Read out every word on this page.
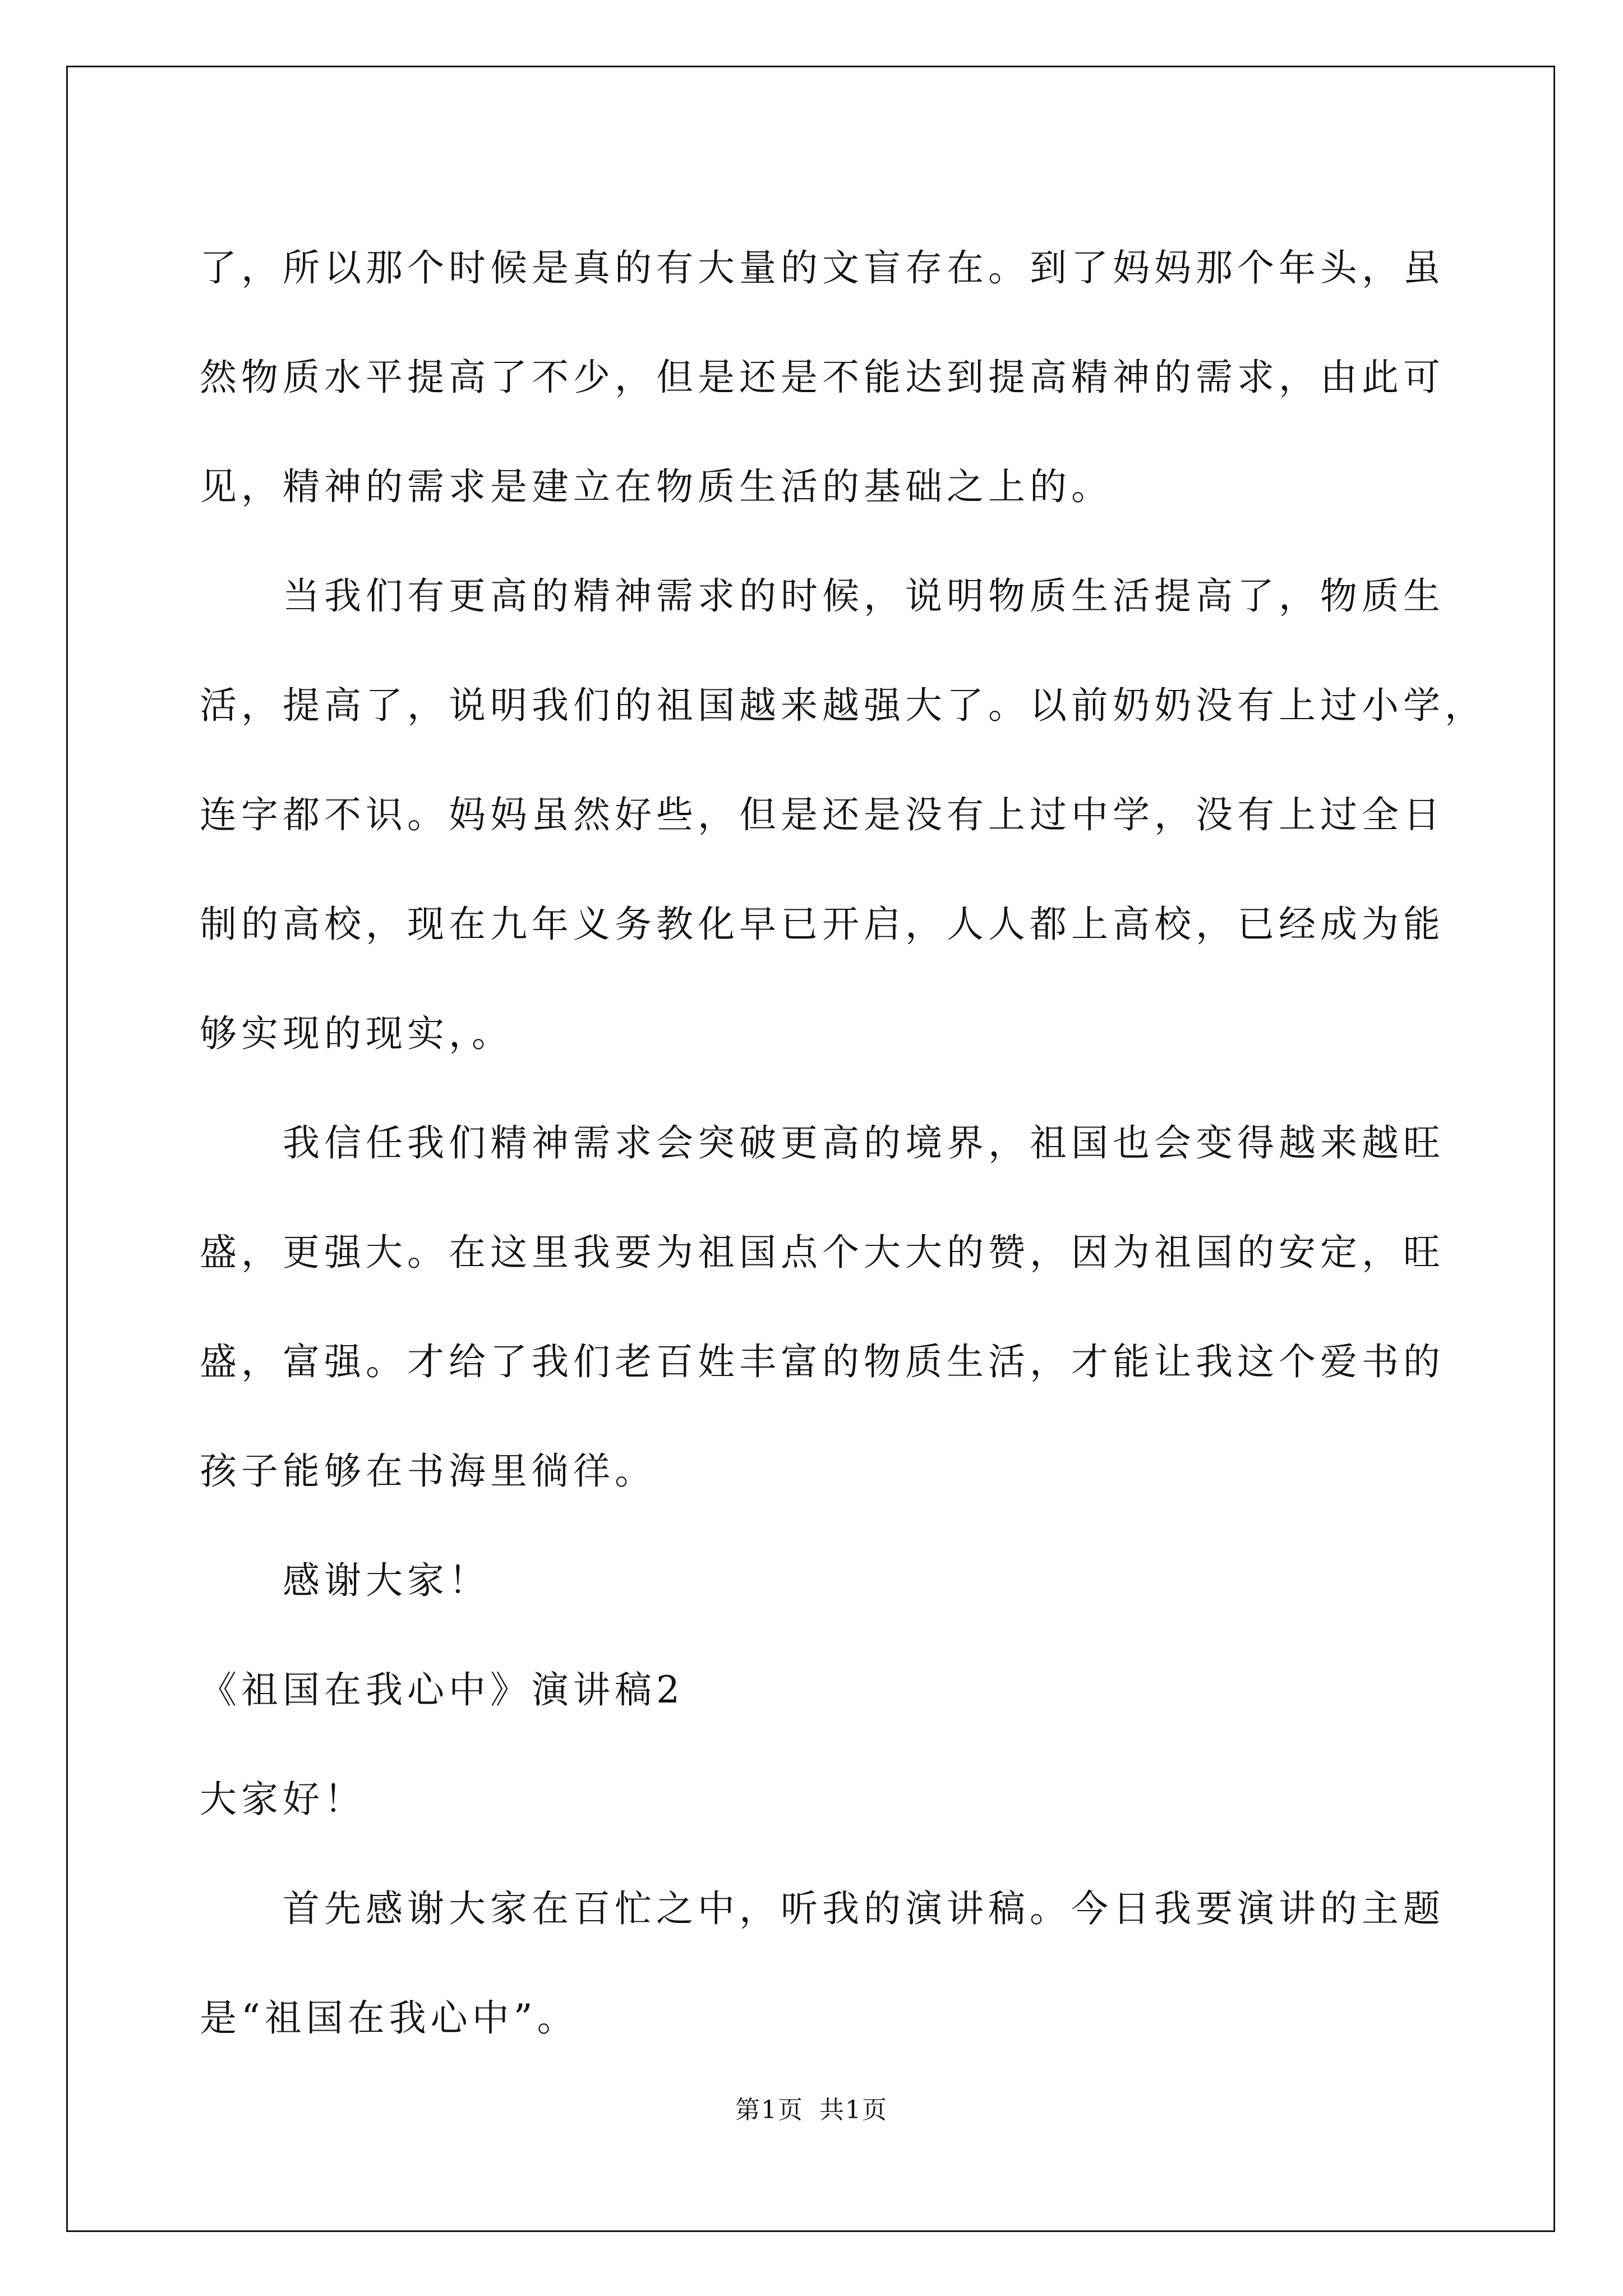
了，所以那个时候是真的有大量的文盲存在。到了妈妈那个年头，虽
然物质水平提高了不少，但是还是不能达到提高精神的需求，由此可
见，精神的需求是建立在物质生活的基础之上的。

当我们有更高的精神需求的时候，说明物质生活提高了，物质生
活，提高了，说明我们的祖国越来越强大了。以前奶奶没有上过小学，
连字都不识。妈妈虽然好些，但是还是没有上过中学，没有上过全日
制的高校，现在九年义务教化早已开启，人人都上高校，已经成为能
够实现的现实，。

我信任我们精神需求会突破更高的境界，祖国也会变得越来越旺
盛，更强大。在这里我要为祖国点个大大的赞，因为祖国的安定，旺
盛，富强。才给了我们老百姓丰富的物质生活，才能让我这个爱书的
孩子能够在书海里徜徉。

感谢大家！

《祖国在我心中》演讲稿2

大家好！

首先感谢大家在百忙之中，听我的演讲稿。今日我要演讲的主题
是“祖国在我心中”。

第1页 共1页
